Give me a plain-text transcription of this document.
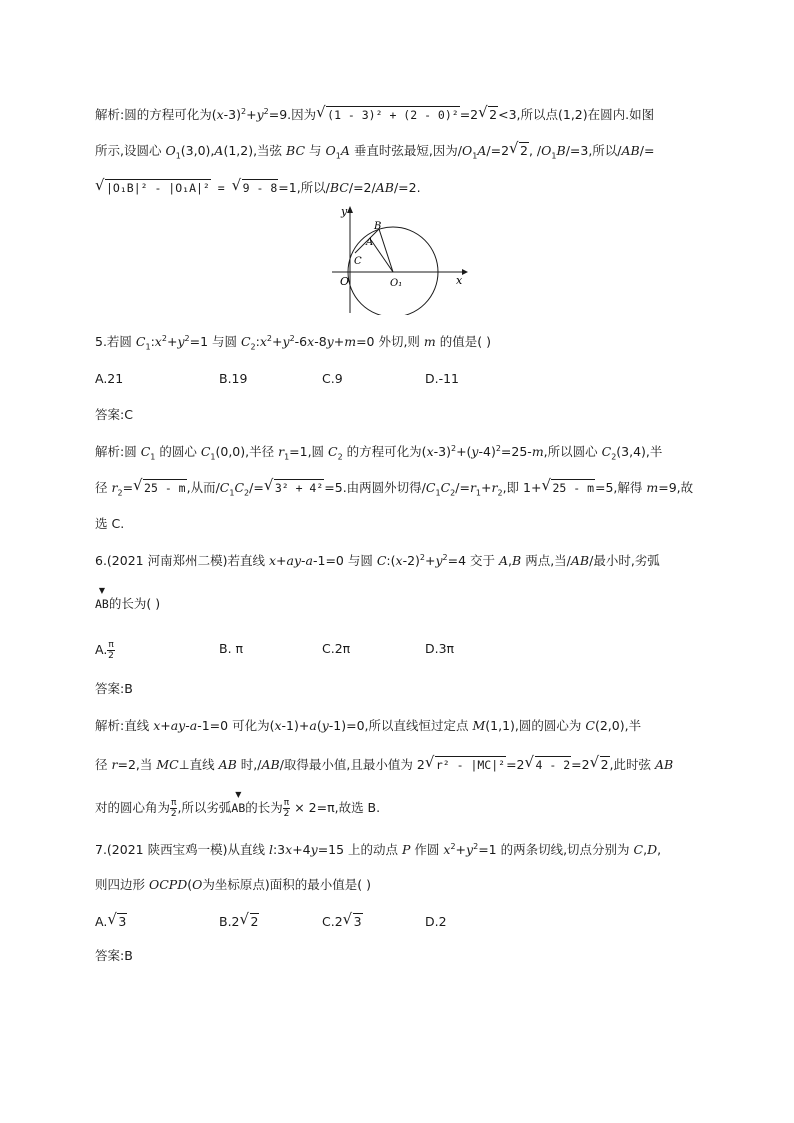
解析:圆的方程可化为$(x-3)^2+y^2=9$.因为√ (1 - 3)² + (2 - 0)²=2√ 2<3,所以点(1,2)在圆内.如图
所示,设圆心 $O_1(3,0),A(1,2)$,当弦 BC 与 $O_1A$ 垂直时弦最短,因为$/O_1A/=2√$ 2, $/O_1B/=3$,所以/AB/=
√ |O₁B|² - |O₁A|² = √ 9 - 8=1,所以/BC/=2/AB/=2.
y
x
O	O₁
A
B
C
5.若圆 $C_1:x^2+y^2=1$ 与圆 $C_2:x^2+y^2-6x-8y+m=0$ 外切,则 m 的值是( )
A.21	B.19	C.9	D.-11
答案:C
解析:圆 $C_1$ 的圆心 $C_1(0,0)$,半径 $r_1=1$,圆 $C_2$ 的方程可化为$(x-3)^2+(y-4)^2=25-m$,所以圆心 $C_2(3,4)$,半
径 $r_2=√$ 25 - m,从而$/C_1C_2/=√$ 3² + 4²=5.由两圆外切得$/C_1C_2/=r_1+r_2$,即 1+√ 25 - m=5,解得 m=9,故
选 C.
6.(2021 河南郑州二模)若直线 x+ay-a-1=0 与圆 $C:(x-2)^2+y^2=4$ 交于 A,B 两点,当/AB/最小时,劣弧
▼
AB的长为( )
A. $\frac{\pi}{2}$	B. π	C.2π	D.3π
答案:B
解析:直线 x+ay-a-1=0 可化为(x-1)+a(y-1)=0,所以直线恒过定点 M(1,1),圆的圆心为 C(2,0),半
径 r=2,当 MC⊥直线 AB 时,/AB/取得最小值,且最小值为 2√ r² - |MC|²=2√ 4 - 2=2√ 2,此时弦 AB
对的圆心角为 $\frac{\pi}{2}$ ,所以劣弧
▼
AB的长为 $\frac{\pi}{2} \times 2=\pi$,故选 B.
7.(2021 陕西宝鸡一模)从直线 l:3x+4y=15 上的动点 P 作圆 $x^2+y^2=1$ 的两条切线,切点分别为 C,D,
则四边形 OCPD(O为坐标原点)面积的最小值是( )
A.√ 3	B.2√ 2	C.2√ 3	D.2
答案:B
